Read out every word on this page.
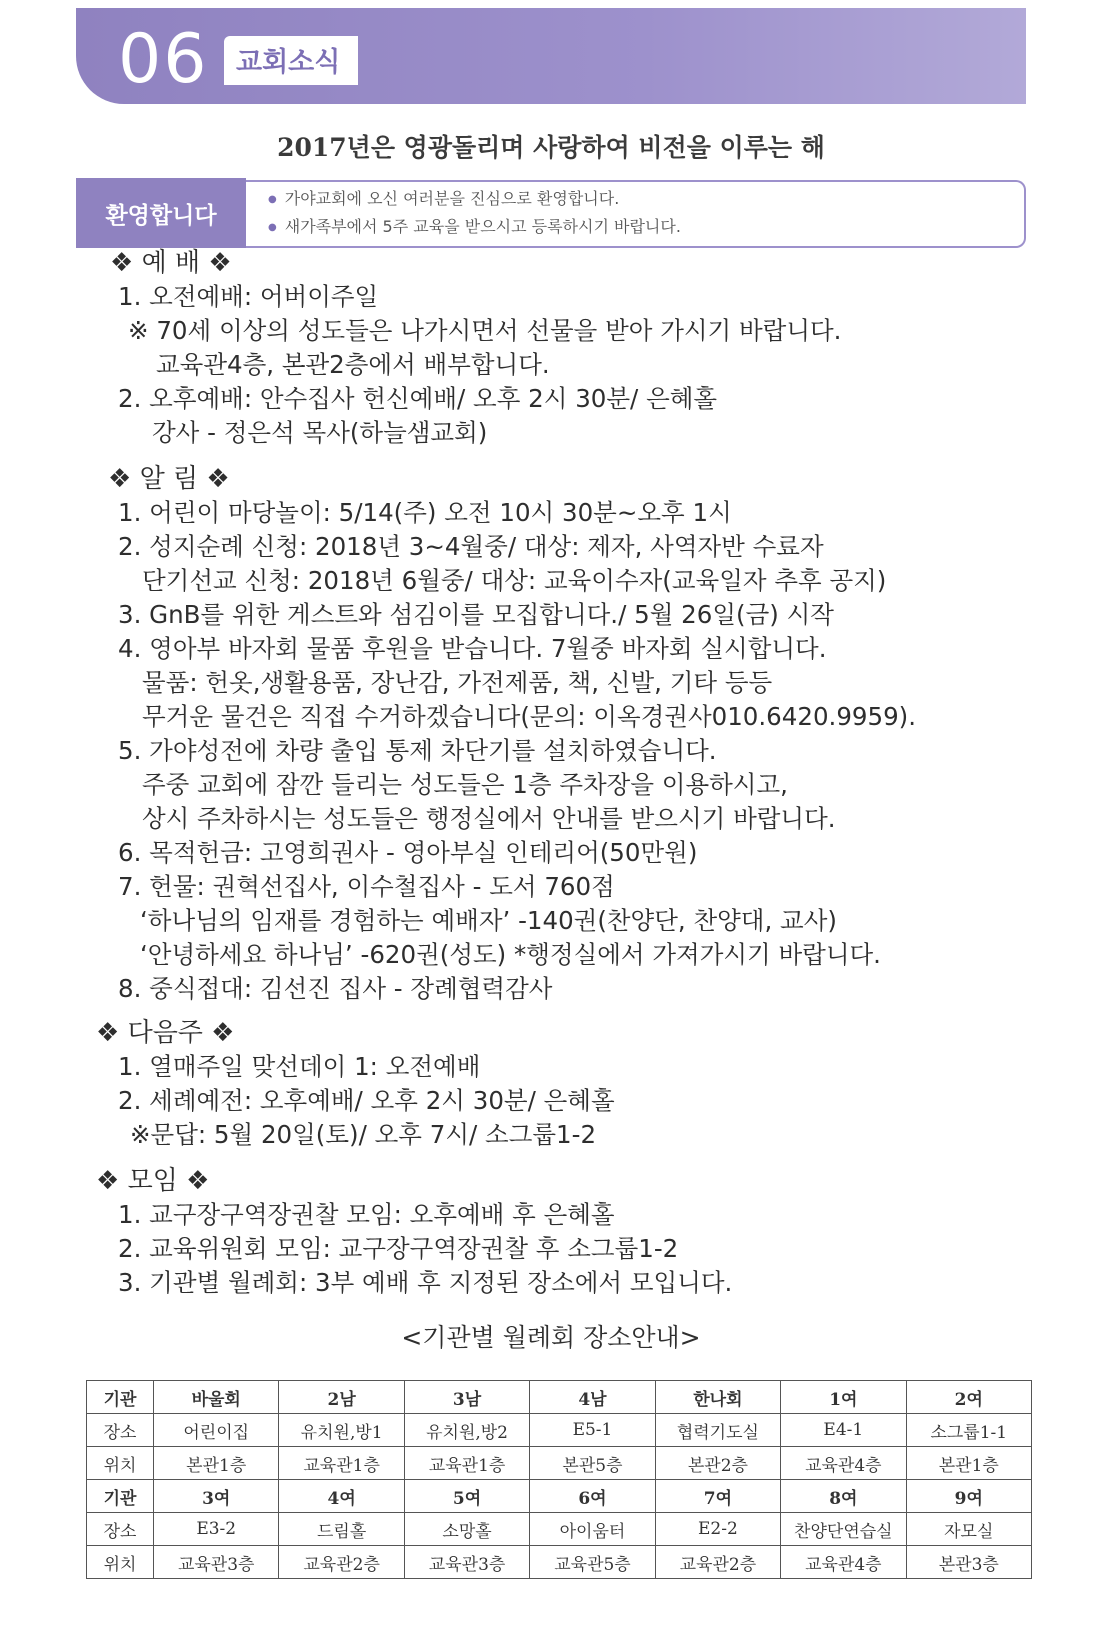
06	교회소식
2017년은 영광돌리며 사랑하여 비전을 이루는 해
환영합니다
● 가야교회에 오신 여러분을 진심으로 환영합니다.
● 새가족부에서 5주 교육을 받으시고 등록하시기 바랍니다.
❖ 예 배 ❖
1. 오전예배: 어버이주일
※ 70세 이상의 성도들은 나가시면서 선물을 받아 가시기 바랍니다.
교육관4층, 본관2층에서 배부합니다.
2. 오후예배: 안수집사 헌신예배/ 오후 2시 30분/ 은혜홀
강사 - 정은석 목사(하늘샘교회)
❖ 알 림 ❖
1. 어린이 마당놀이: 5/14(주) 오전 10시 30분~오후 1시
2. 성지순례 신청: 2018년 3~4월중/ 대상: 제자, 사역자반 수료자
단기선교 신청: 2018년 6월중/ 대상: 교육이수자(교육일자 추후 공지)
3. GnB를 위한 게스트와 섬김이를 모집합니다./ 5월 26일(금) 시작
4. 영아부 바자회 물품 후원을 받습니다. 7월중 바자회 실시합니다.
물품: 헌옷,생활용품, 장난감, 가전제품, 책, 신발, 기타 등등
무거운 물건은 직접 수거하겠습니다(문의: 이옥경권사010.6420.9959).
5. 가야성전에 차량 출입 통제 차단기를 설치하였습니다.
주중 교회에 잠깐 들리는 성도들은 1층 주차장을 이용하시고,
상시 주차하시는 성도들은 행정실에서 안내를 받으시기 바랍니다.
6. 목적헌금: 고영희권사 - 영아부실 인테리어(50만원)
7. 헌물: 권혁선집사, 이수철집사 - 도서 760점
‘하나님의 임재를 경험하는 예배자’ -140권(찬양단, 찬양대, 교사)
‘안녕하세요 하나님’ -620권(성도) *행정실에서 가져가시기 바랍니다.
8. 중식접대: 김선진 집사 - 장례협력감사
❖ 다음주 ❖
1. 열매주일 맞선데이 1: 오전예배
2. 세례예전: 오후예배/ 오후 2시 30분/ 은혜홀
※문답: 5월 20일(토)/ 오후 7시/ 소그룹1-2
❖ 모임 ❖
1. 교구장구역장권찰 모임: 오후예배 후 은혜홀
2. 교육위원회 모임: 교구장구역장권찰 후 소그룹1-2
3. 기관별 월례회: 3부 예배 후 지정된 장소에서 모입니다.
<기관별 월례회 장소안내>
기관	바울회	2남	3남	4남	한나회	1여	2여
장소	어린이집	유치원,방1	유치원,방2	E5-1	협력기도실	E4-1	소그룹1-1
위치	본관1층	교육관1층	교육관1층	본관5층	본관2층	교육관4층	본관1층
기관	3여	4여	5여	6여	7여	8여	9여
장소	E3-2	드림홀	소망홀	아이움터	E2-2	찬양단연습실	자모실
위치	교육관3층	교육관2층	교육관3층	교육관5층	교육관2층	교육관4층	본관3층
